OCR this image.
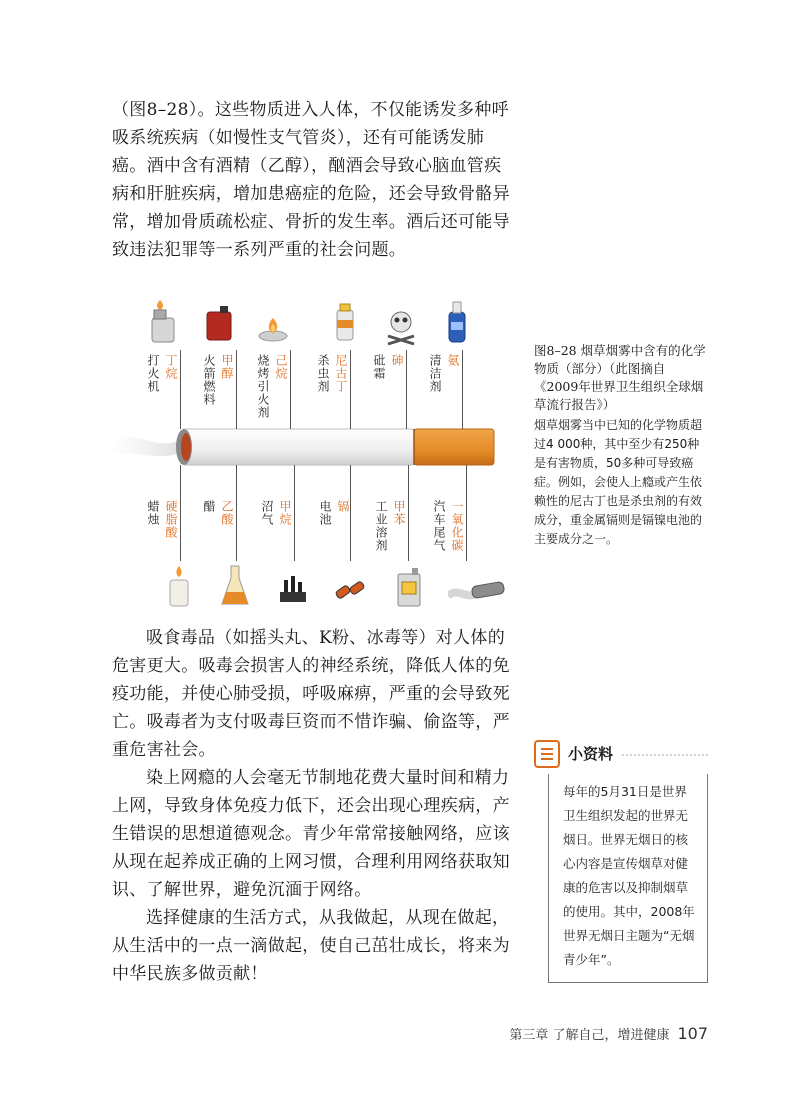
（图8–28）。这些物质进入人体，不仅能诱发多种呼吸系统疾病（如慢性支气管炎），还有可能诱发肺癌。酒中含有酒精（乙醇），酗酒会导致心脑血管疾病和肝脏疾病，增加患癌症的危险，还会导致骨骼异常，增加骨质疏松症、骨折的发生率。酒后还可能导致违法犯罪等一系列严重的社会问题。

打火机 丁烷 火箭燃料 甲醇 烧烤引火剂 己烷 杀虫剂 尼古丁 砒霜 砷 清洁剂 氨
蜡烛 硬脂酸 醋 乙酸 沼气 甲烷 电池 镉 工业溶剂 甲苯 汽车尾气 一氧化碳

图8–28 烟草烟雾中含有的化学物质（部分）（此图摘自《2009年世界卫生组织全球烟草流行报告》）

烟草烟雾当中已知的化学物质超过4 000种，其中至少有250种是有害物质，50多种可导致癌症。例如，会使人上瘾或产生依赖性的尼古丁也是杀虫剂的有效成分，重金属镉则是镉镍电池的主要成分之一。

吸食毒品（如摇头丸、K粉、冰毒等）对人体的危害更大。吸毒会损害人的神经系统，降低人体的免疫功能，并使心肺受损，呼吸麻痹，严重的会导致死亡。吸毒者为支付吸毒巨资而不惜诈骗、偷盗等，严重危害社会。

染上网瘾的人会毫无节制地花费大量时间和精力上网，导致身体免疫力低下，还会出现心理疾病，产生错误的思想道德观念。青少年常常接触网络，应该从现在起养成正确的上网习惯，合理利用网络获取知识、了解世界，避免沉湎于网络。

选择健康的生活方式，从我做起，从现在做起，从生活中的一点一滴做起，使自己茁壮成长，将来为中华民族多做贡献！

小资料
每年的5月31日是世界卫生组织发起的世界无烟日。世界无烟日的核心内容是宣传烟草对健康的危害以及抑制烟草的使用。其中，2008年世界无烟日主题为“无烟青少年”。
第三章 了解自己，增进健康 107
